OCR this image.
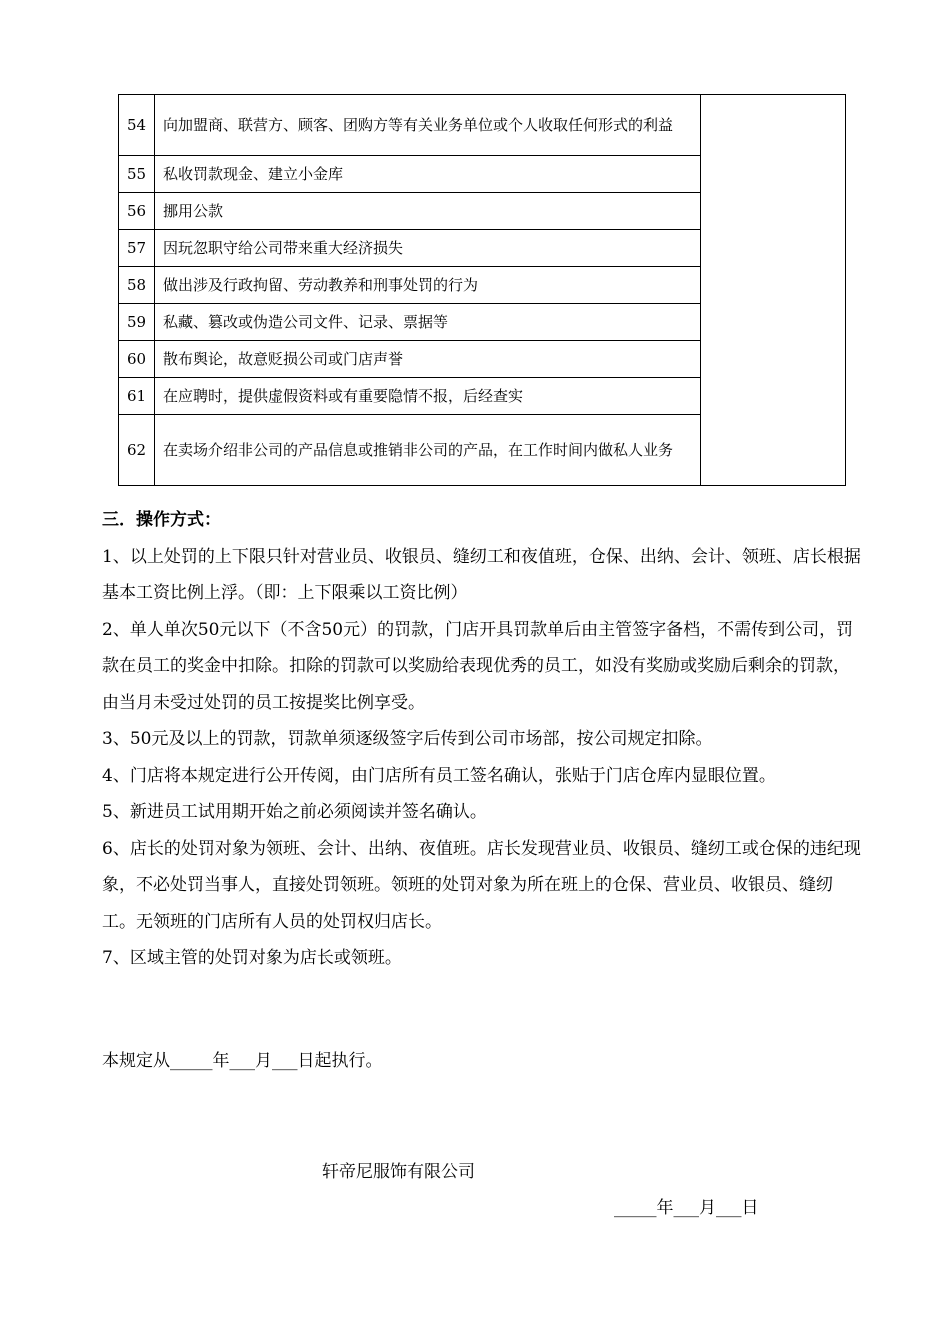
54	向加盟商、联营方、顾客、团购方等有关业务单位或个人收取任何形式的利益	
55	私收罚款现金、建立小金库	
56	挪用公款	
57	因玩忽职守给公司带来重大经济损失	
58	做出涉及行政拘留、劳动教养和刑事处罚的行为	
59	私藏、篡改或伪造公司文件、记录、票据等	
60	散布舆论，故意贬损公司或门店声誉	
61	在应聘时，提供虚假资料或有重要隐情不报，后经查实	
62	在卖场介绍非公司的产品信息或推销非公司的产品，在工作时间内做私人业务	
三．操作方式：

1、以上处罚的上下限只针对营业员、收银员、缝纫工和夜值班，仓保、出纳、会计、领班、店长根据基本工资比例上浮。（即：上下限乘以工资比例）

2、单人单次50元以下（不含50元）的罚款，门店开具罚款单后由主管签字备档，不需传到公司，罚款在员工的奖金中扣除。扣除的罚款可以奖励给表现优秀的员工，如没有奖励或奖励后剩余的罚款，由当月未受过处罚的员工按提奖比例享受。

3、50元及以上的罚款，罚款单须逐级签字后传到公司市场部，按公司规定扣除。

4、门店将本规定进行公开传阅，由门店所有员工签名确认，张贴于门店仓库内显眼位置。

5、新进员工试用期开始之前必须阅读并签名确认。

6、店长的处罚对象为领班、会计、出纳、夜值班。店长发现营业员、收银员、缝纫工或仓保的违纪现象，不必处罚当事人，直接处罚领班。领班的处罚对象为所在班上的仓保、营业员、收银员、缝纫工。无领班的门店所有人员的处罚权归店长。

7、区域主管的处罚对象为店长或领班。

本规定从_____年___月___日起执行。
轩帝尼服饰有限公司
_____年___月___日
